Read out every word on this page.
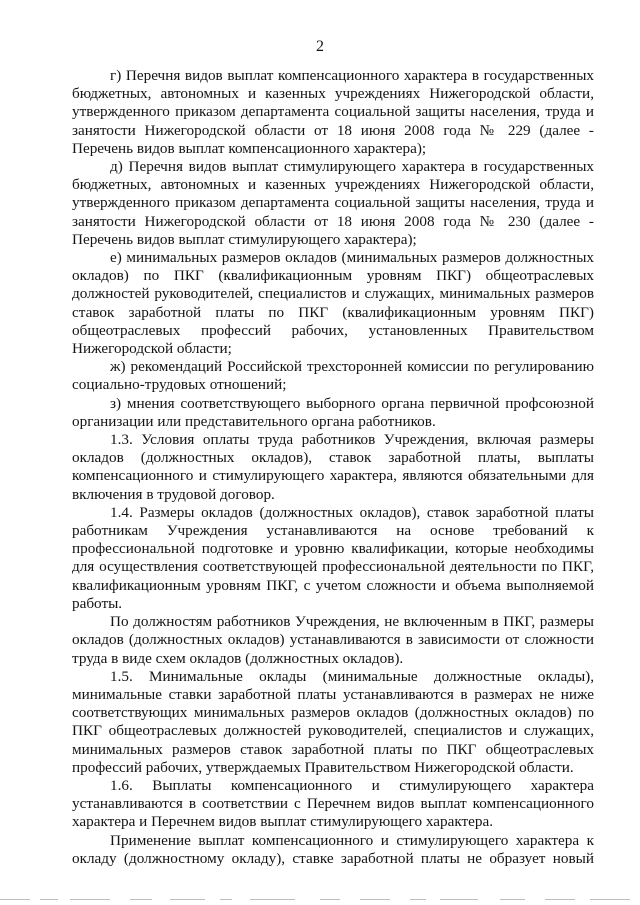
2
г) Перечня видов выплат компенсационного характера в государственных
бюджетных, автономных и казенных учреждениях Нижегородской области,
утвержденного приказом департамента социальной защиты населения, труда и
занятости Нижегородской области от 18 июня 2008 года № 229 (далее -
Перечень видов выплат компенсационного характера);
д) Перечня видов выплат стимулирующего характера в государственных
бюджетных, автономных и казенных учреждениях Нижегородской области,
утвержденного приказом департамента социальной защиты населения, труда и
занятости Нижегородской области от 18 июня 2008 года № 230 (далее -
Перечень видов выплат стимулирующего характера);
е) минимальных размеров окладов (минимальных размеров должностных
окладов) по ПКГ (квалификационным уровням ПКГ) общеотраслевых
должностей руководителей, специалистов и служащих, минимальных размеров
ставок заработной платы по ПКГ (квалификационным уровням ПКГ)
общеотраслевых профессий рабочих, установленных Правительством
Нижегородской области;
ж) рекомендаций Российской трехсторонней комиссии по регулированию
социально-трудовых отношений;
з) мнения соответствующего выборного органа первичной профсоюзной
организации или представительного органа работников.
1.3. Условия оплаты труда работников Учреждения, включая размеры
окладов (должностных окладов), ставок заработной платы, выплаты
компенсационного и стимулирующего характера, являются обязательными для
включения в трудовой договор.
1.4. Размеры окладов (должностных окладов), ставок заработной платы
работникам Учреждения устанавливаются на основе требований к
профессиональной подготовке и уровню квалификации, которые необходимы
для осуществления соответствующей профессиональной деятельности по ПКГ,
квалификационным уровням ПКГ, с учетом сложности и объема выполняемой
работы.
По должностям работников Учреждения, не включенным в ПКГ, размеры
окладов (должностных окладов) устанавливаются в зависимости от сложности
труда в виде схем окладов (должностных окладов).
1.5. Минимальные оклады (минимальные должностные оклады),
минимальные ставки заработной платы устанавливаются в размерах не ниже
соответствующих минимальных размеров окладов (должностных окладов) по
ПКГ общеотраслевых должностей руководителей, специалистов и служащих,
минимальных размеров ставок заработной платы по ПКГ общеотраслевых
профессий рабочих, утверждаемых Правительством Нижегородской области.
1.6. Выплаты компенсационного и стимулирующего характера
устанавливаются в соответствии с Перечнем видов выплат компенсационного
характера и Перечнем видов выплат стимулирующего характера.
Применение выплат компенсационного и стимулирующего характера к
окладу (должностному окладу), ставке заработной платы не образует новый
